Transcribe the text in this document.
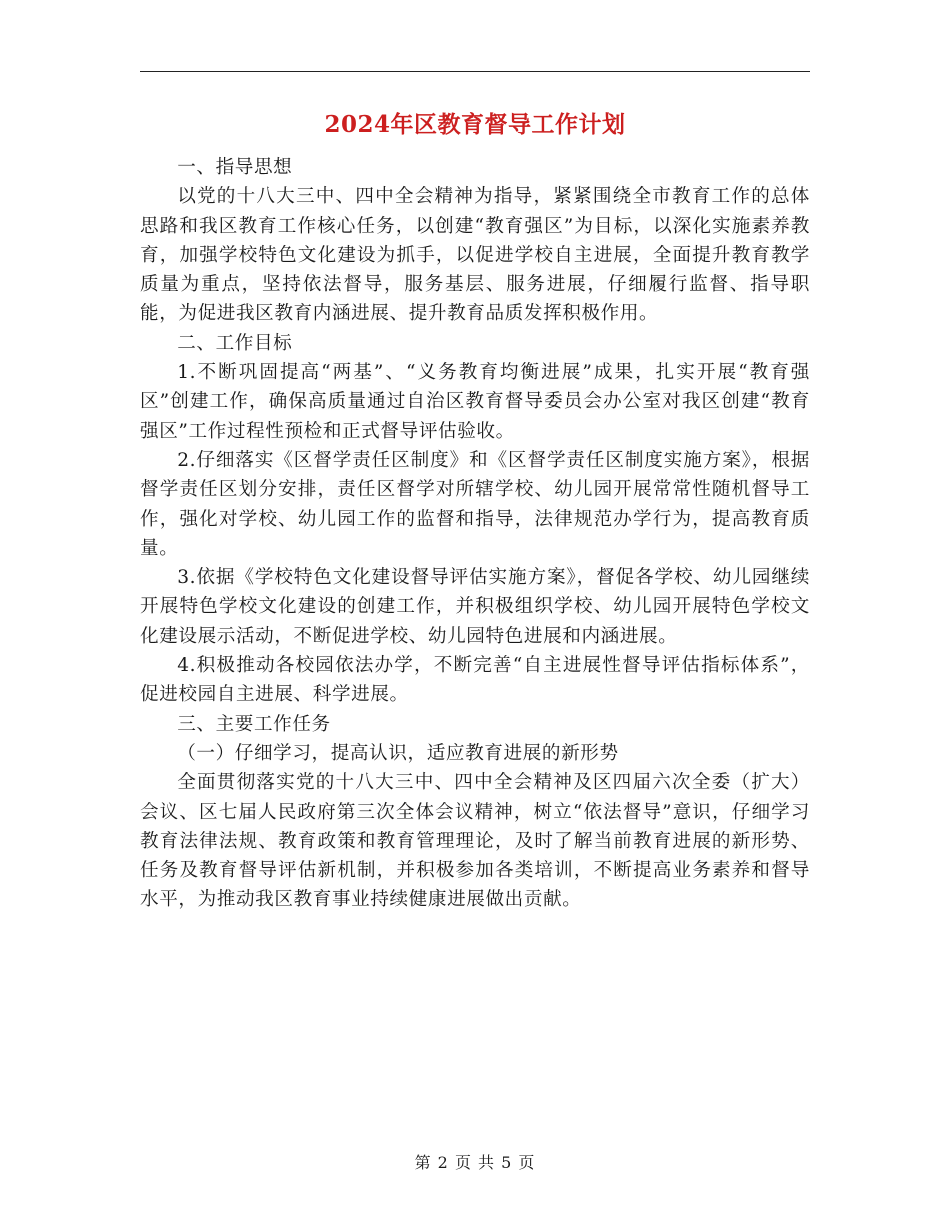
2024年区教育督导工作计划

一、指导思想

以党的十八大三中、四中全会精神为指导，紧紧围绕全市教育工作的总体思路和我区教育工作核心任务，以创建“教育强区”为目标，以深化实施素养教育，加强学校特色文化建设为抓手，以促进学校自主进展，全面提升教育教学质量为重点，坚持依法督导，服务基层、服务进展，仔细履行监督、指导职能，为促进我区教育内涵进展、提升教育品质发挥积极作用。

二、工作目标

1.不断巩固提高“两基”、“义务教育均衡进展”成果，扎实开展“教育强区”创建工作，确保高质量通过自治区教育督导委员会办公室对我区创建“教育强区”工作过程性预检和正式督导评估验收。

2.仔细落实《区督学责任区制度》和《区督学责任区制度实施方案》，根据督学责任区划分安排，责任区督学对所辖学校、幼儿园开展常常性随机督导工作，强化对学校、幼儿园工作的监督和指导，法律规范办学行为，提高教育质量。

3.依据《学校特色文化建设督导评估实施方案》，督促各学校、幼儿园继续开展特色学校文化建设的创建工作，并积极组织学校、幼儿园开展特色学校文化建设展示活动，不断促进学校、幼儿园特色进展和内涵进展。

4.积极推动各校园依法办学，不断完善“自主进展性督导评估指标体系”，促进校园自主进展、科学进展。

三、主要工作任务

（一）仔细学习，提高认识，适应教育进展的新形势

全面贯彻落实党的十八大三中、四中全会精神及区四届六次全委（扩大）会议、区七届人民政府第三次全体会议精神，树立“依法督导”意识，仔细学习教育法律法规、教育政策和教育管理理论，及时了解当前教育进展的新形势、任务及教育督导评估新机制，并积极参加各类培训，不断提高业务素养和督导水平，为推动我区教育事业持续健康进展做出贡献。

第 2 页 共 5 页
